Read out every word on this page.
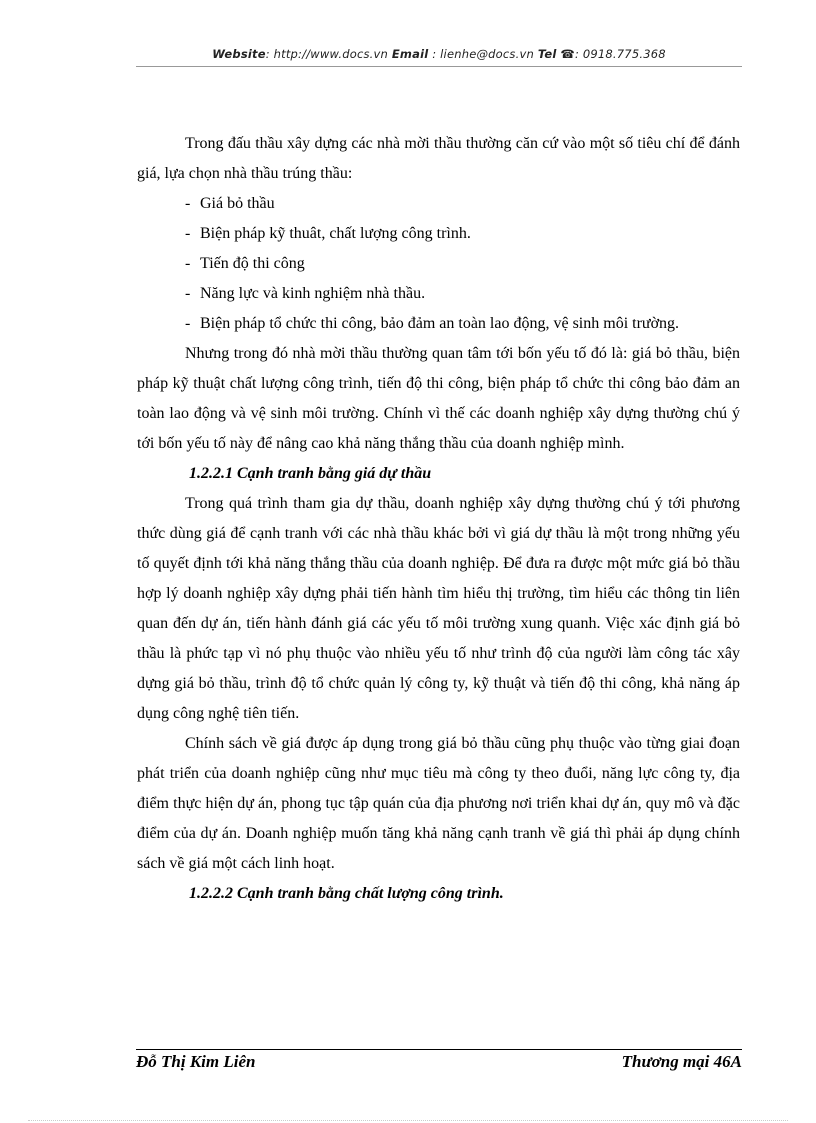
Website: http://www.docs.vn Email : lienhe@docs.vn Tel ☎: 0918.775.368

Trong đấu thầu xây dựng các nhà mời thầu thường căn cứ vào một số tiêu chí để đánh giá, lựa chọn nhà thầu trúng thầu:

- Giá bỏ thầu

- Biện pháp kỹ thuât, chất lượng công trình.

- Tiến độ thi công

- Năng lực và kinh nghiệm nhà thầu.

- Biện pháp tổ chức thi công, bảo đảm an toàn lao động, vệ sinh môi trường.

Nhưng trong đó nhà mời thầu thường quan tâm tới bốn yếu tố đó là: giá bỏ thầu, biện pháp kỹ thuật chất lượng công trình, tiến độ thi công, biện pháp tổ chức thi công bảo đảm an toàn lao động và vệ sinh môi trường. Chính vì thế các doanh nghiệp xây dựng thường chú ý tới bốn yếu tố này để nâng cao khả năng thắng thầu của doanh nghiệp mình.

1.2.2.1 Cạnh tranh bằng giá dự thầu

Trong quá trình tham gia dự thầu, doanh nghiệp xây dựng thường chú ý tới phương thức dùng giá để cạnh tranh với các nhà thầu khác bởi vì giá dự thầu là một trong những yếu tố quyết định tới khả năng thắng thầu của doanh nghiệp. Để đưa ra được một mức giá bỏ thầu hợp lý doanh nghiệp xây dựng phải tiến hành tìm hiểu thị trường, tìm hiểu các thông tin liên quan đến dự án, tiến hành đánh giá các yếu tố môi trường xung quanh. Việc xác định giá bỏ thầu là phức tạp vì nó phụ thuộc vào nhiều yếu tố như trình độ của người làm công tác xây dựng giá bỏ thầu, trình độ tổ chức quản lý công ty, kỹ thuật và tiến độ thi công, khả năng áp dụng công nghệ tiên tiến.

Chính sách về giá được áp dụng trong giá bỏ thầu cũng phụ thuộc vào từng giai đoạn phát triển của doanh nghiệp cũng như mục tiêu mà công ty theo đuổi, năng lực công ty, địa điểm thực hiện dự án, phong tục tập quán của địa phương nơi triển khai dự án, quy mô và đặc điểm của dự án. Doanh nghiệp muốn tăng khả năng cạnh tranh về giá thì phải áp dụng chính sách về giá một cách linh hoạt.

1.2.2.2 Cạnh tranh bằng chất lượng công trình.

Đỗ Thị Kim Liên	Thương mại 46A
